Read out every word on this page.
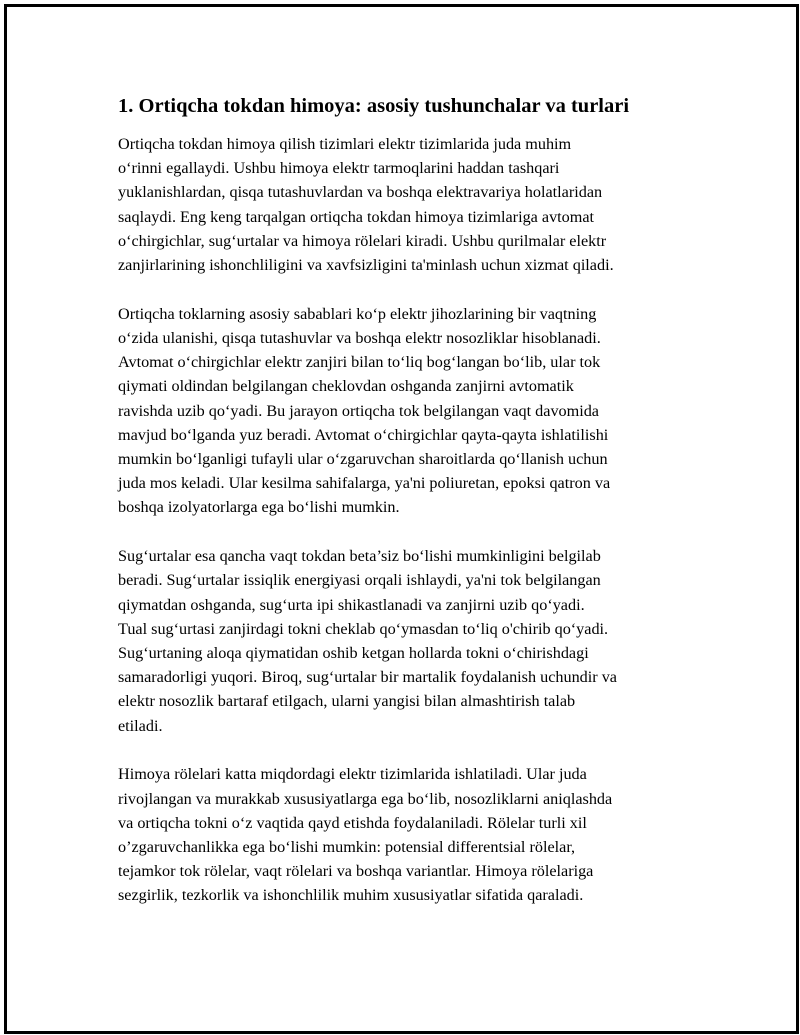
1. Ortiqcha tokdan himoya: asosiy tushunchalar va turlari
Ortiqcha tokdan himoya qilish tizimlari elektr tizimlarida juda muhim
o‘rinni egallaydi. Ushbu himoya elektr tarmoqlarini haddan tashqari
yuklanishlardan, qisqa tutashuvlardan va boshqa elektravariya holatlaridan
saqlaydi. Eng keng tarqalgan ortiqcha tokdan himoya tizimlariga avtomat
o‘chirgichlar, sug‘urtalar va himoya rölelari kiradi. Ushbu qurilmalar elektr
zanjirlarining ishonchliligini va xavfsizligini ta'minlash uchun xizmat qiladi.
Ortiqcha toklarning asosiy sabablari ko‘p elektr jihozlarining bir vaqtning
o‘zida ulanishi, qisqa tutashuvlar va boshqa elektr nosozliklar hisoblanadi.
Avtomat o‘chirgichlar elektr zanjiri bilan to‘liq bog‘langan bo‘lib, ular tok
qiymati oldindan belgilangan cheklovdan oshganda zanjirni avtomatik
ravishda uzib qo‘yadi. Bu jarayon ortiqcha tok belgilangan vaqt davomida
mavjud bo‘lganda yuz beradi. Avtomat o‘chirgichlar qayta-qayta ishlatilishi
mumkin bo‘lganligi tufayli ular o‘zgaruvchan sharoitlarda qo‘llanish uchun
juda mos keladi. Ular kesilma sahifalarga, ya'ni poliuretan, epoksi qatron va
boshqa izolyatorlarga ega bo‘lishi mumkin.
Sug‘urtalar esa qancha vaqt tokdan beta’siz bo‘lishi mumkinligini belgilab
beradi. Sug‘urtalar issiqlik energiyasi orqali ishlaydi, ya'ni tok belgilangan
qiymatdan oshganda, sug‘urta ipi shikastlanadi va zanjirni uzib qo‘yadi.
Tual sug‘urtasi zanjirdagi tokni cheklab qo‘ymasdan to‘liq o'chirib qo‘yadi.
Sug‘urtaning aloqa qiymatidan oshib ketgan hollarda tokni o‘chirishdagi
samaradorligi yuqori. Biroq, sug‘urtalar bir martalik foydalanish uchundir va
elektr nosozlik bartaraf etilgach, ularni yangisi bilan almashtirish talab
etiladi.
Himoya rölelari katta miqdordagi elektr tizimlarida ishlatiladi. Ular juda
rivojlangan va murakkab xususiyatlarga ega bo‘lib, nosozliklarni aniqlashda
va ortiqcha tokni o‘z vaqtida qayd etishda foydalaniladi. Rölelar turli xil
o’zgaruvchanlikka ega bo‘lishi mumkin: potensial differentsial rölelar,
tejamkor tok rölelar, vaqt rölelari va boshqa variantlar. Himoya rölelariga
sezgirlik, tezkorlik va ishonchlilik muhim xususiyatlar sifatida qaraladi.
